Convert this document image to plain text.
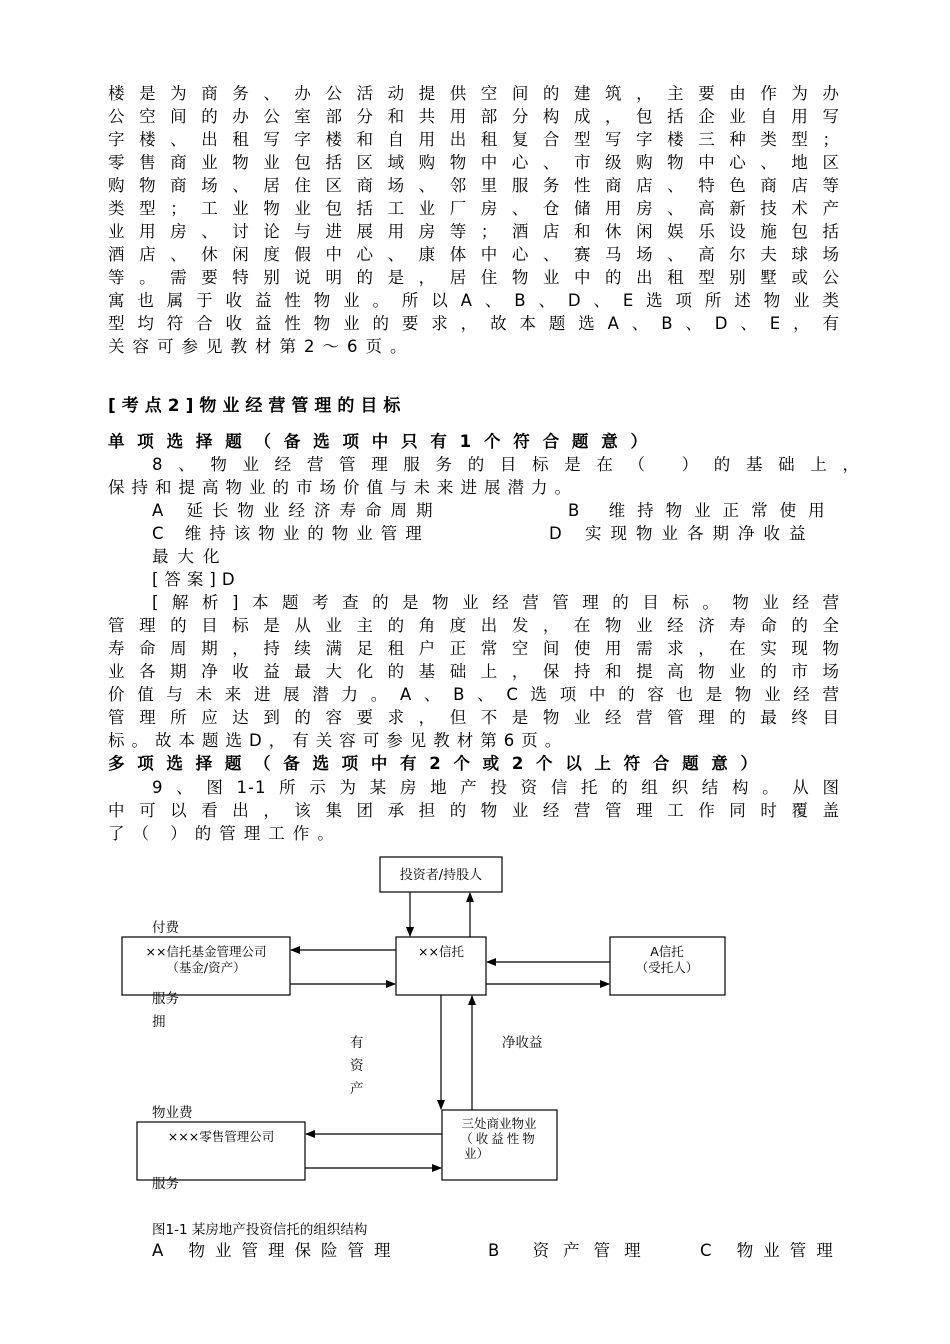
楼是为商务、办公活动提供空间的建筑，主要由作为办
公空间的办公室部分和共用部分构成，包括企业自用写
字楼、出租写字楼和自用出租复合型写字楼三种类型；
零售商业物业包括区域购物中心、市级购物中心、地区
购物商场、居住区商场、邻里服务性商店、特色商店等
类型；工业物业包括工业厂房、仓储用房、高新技术产
业用房、讨论与进展用房等；酒店和休闲娱乐设施包括
酒店、休闲度假中心、康体中心、赛马场、高尔夫球场
等。需要特别说明的是，居住物业中的出租型别墅或公
寓也属于收益性物业。所以A、B、D、E选项所述物业类
型均符合收益性物业的要求，故本题选A、B、D、E，有
关容可参见教材第2～6页。
[考点2]物业经营管理的目标
单项选择题（备选项中只有1个符合题意）
8、物业经营管理服务的目标是在（ ）的基础上，
保持和提高物业的市场价值与未来进展潜力。
A 延长物业经济寿命周期	B 维持物业正常使用
C 维持该物业的物业管理	D 实现物业各期净收益
最大化
[答案]D
[解析]本题考查的是物业经营管理的目标。物业经营
管理的目标是从业主的角度出发，在物业经济寿命的全
寿命周期，持续满足租户正常空间使用需求，在实现物
业各期净收益最大化的基础上，保持和提高物业的市场
价值与未来进展潜力。A、B、C选项中的容也是物业经营
管理所应达到的容要求，但不是物业经营管理的最终目
标。故本题选D，有关容可参见教材第6页。
多项选择题（备选项中有2个或2个以上符合题意）
9、图1-1所示为某房地产投资信托的组织结构。从图
中可以看出，该集团承担的物业经营管理工作同时覆盖
了（ ）的管理工作。
投资者/持股人
××信托基金管理公司
（基金/资产）
××信托	A信托
（受托人）
×××零售管理公司
三处商业物业
（收益性物
业）
付费
服务
拥
有
资
产
净收益
物业费
服务
图1-1 某房地产投资信托的组织结构
A 物业管理保险管理	B 资产管理	C 物业管理
